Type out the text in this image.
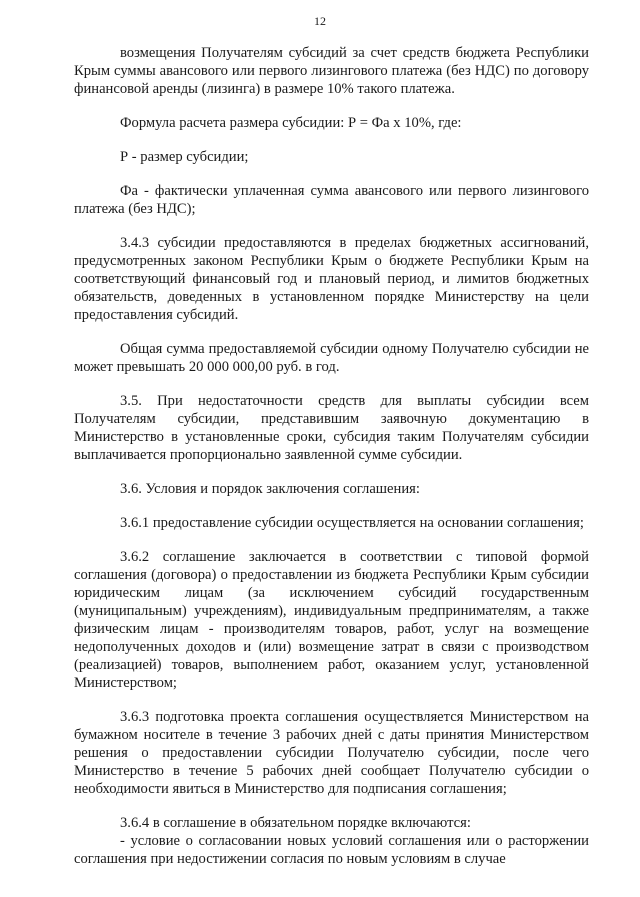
12

возмещения Получателям субсидий за счет средств бюджета Республики Крым суммы авансового или первого лизингового платежа (без НДС) по договору финансовой аренды (лизинга) в размере 10% такого платежа.

Формула расчета размера субсидии: Р = Фа х 10%, где:

Р - размер субсидии;

Фа - фактически уплаченная сумма авансового или первого лизингового платежа (без НДС);

3.4.3 субсидии предоставляются в пределах бюджетных ассигнований, предусмотренных законом Республики Крым о бюджете Республики Крым на соответствующий финансовый год и плановый период, и лимитов бюджетных обязательств, доведенных в установленном порядке Министерству на цели предоставления субсидий.

Общая сумма предоставляемой субсидии одному Получателю субсидии не может превышать 20 000 000,00 руб. в год.

3.5. При недостаточности средств для выплаты субсидии всем Получателям субсидии, представившим заявочную документацию в Министерство в установленные сроки, субсидия таким Получателям субсидии выплачивается пропорционально заявленной сумме субсидии.

3.6. Условия и порядок заключения соглашения:

3.6.1 предоставление субсидии осуществляется на основании соглашения;

3.6.2 соглашение заключается в соответствии с типовой формой соглашения (договора) о предоставлении из бюджета Республики Крым субсидии юридическим лицам (за исключением субсидий государственным (муниципальным) учреждениям), индивидуальным предпринимателям, а также физическим лицам - производителям товаров, работ, услуг на возмещение недополученных доходов и (или) возмещение затрат в связи с производством (реализацией) товаров, выполнением работ, оказанием услуг, установленной Министерством;

3.6.3 подготовка проекта соглашения осуществляется Министерством на бумажном носителе в течение 3 рабочих дней с даты принятия Министерством решения о предоставлении субсидии Получателю субсидии, после чего Министерство в течение 5 рабочих дней сообщает Получателю субсидии о необходимости явиться в Министерство для подписания соглашения;

3.6.4 в соглашение в обязательном порядке включаются:

- условие о согласовании новых условий соглашения или о расторжении соглашения при недостижении согласия по новым условиям в случае
